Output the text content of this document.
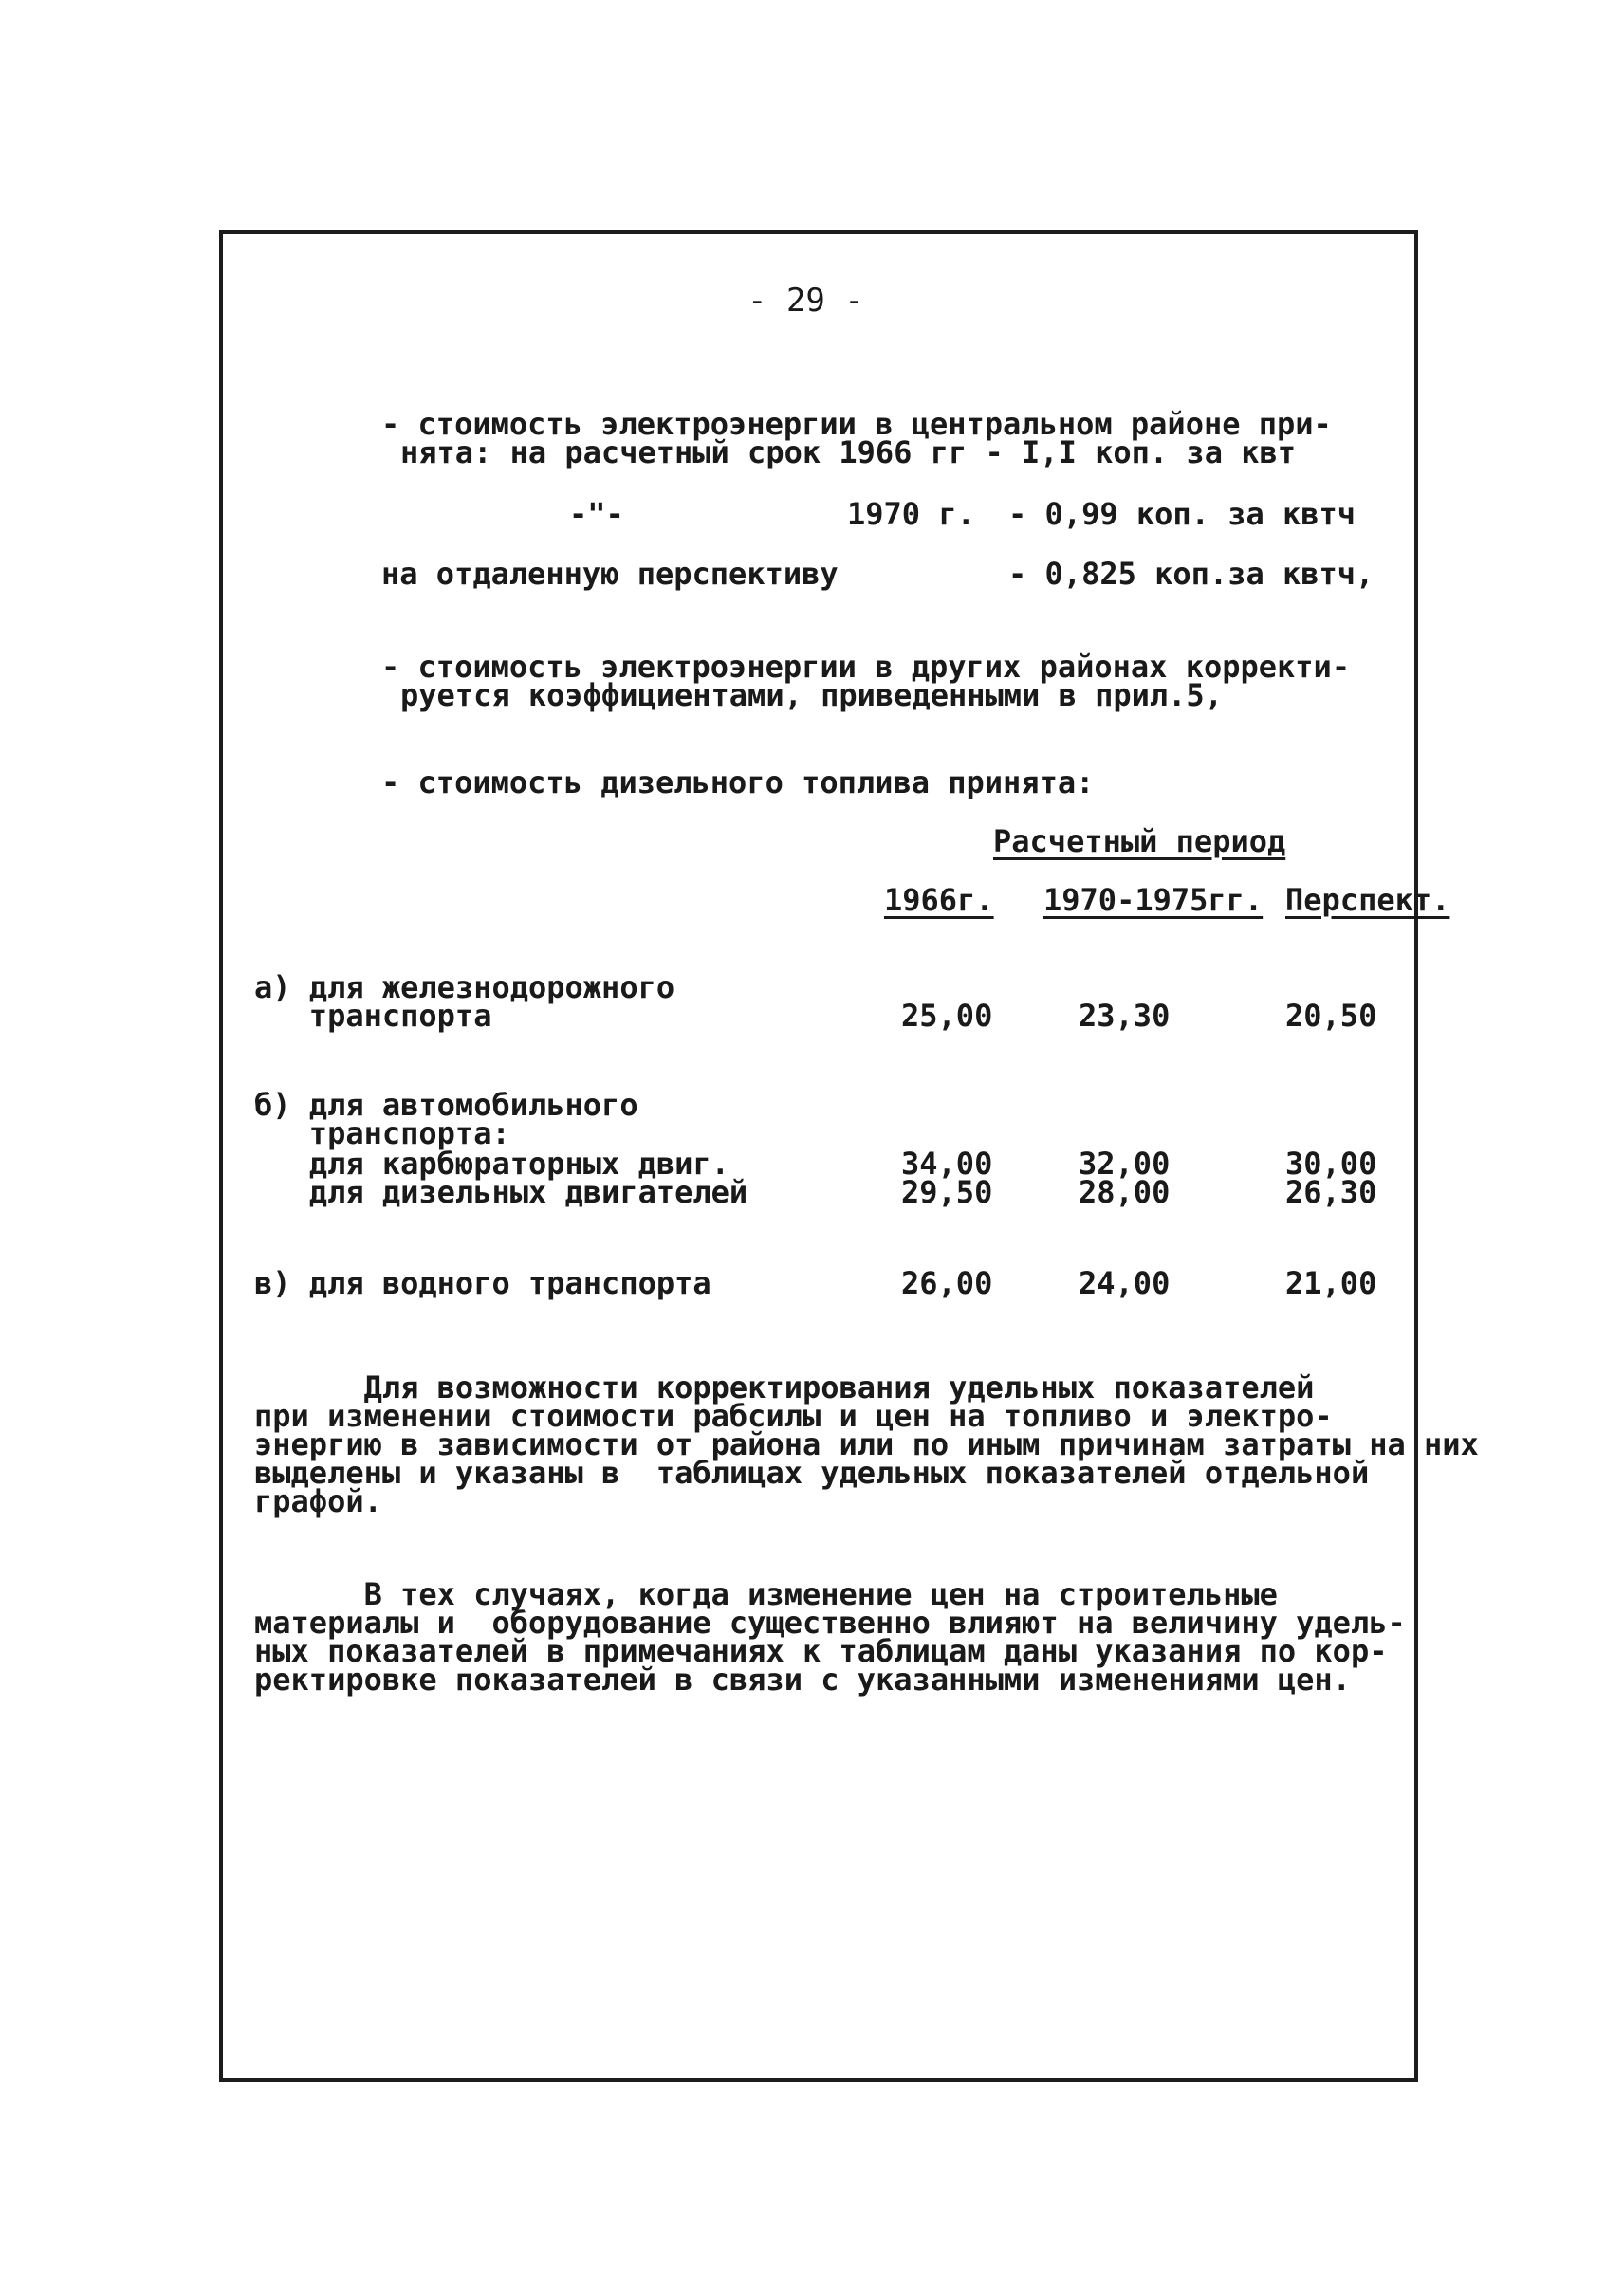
- 29 -
- стоимость электроэнергии в центральном районе при-
нята: на расчетный срок 1966 гг - I,I коп. за квт
-"-	1970 г. - 0,99 коп. за квтч
на отдаленную перспективу	- 0,825 коп.за квтч,
- стоимость электроэнергии в других районах корректи-
руется коэффициентами, приведенными в прил.5,
- стоимость дизельного топлива принята:
Расчетный период
1966г. 1970-1975гг. Перспект.
а) для железнодорожного
транспорта	25,00	23,30	20,50
б) для автомобильного
транспорта:
для карбюраторных двиг.	34,00	32,00	30,00
для дизельных двигателей	29,50	28,00	26,30
в) для водного транспорта	26,00	24,00	21,00
Для возможности корректирования удельных показателей
при изменении стоимости рабсилы и цен на топливо и электро-
энергию в зависимости от района или по иным причинам затраты на них
выделены и указаны в  таблицах удельных показателей отдельной
графой.
В тех случаях, когда изменение цен на строительные
материалы и  оборудование существенно влияют на величину удель-
ных показателей в примечаниях к таблицам даны указания по кор-
ректировке показателей в связи с указанными изменениями цен.
